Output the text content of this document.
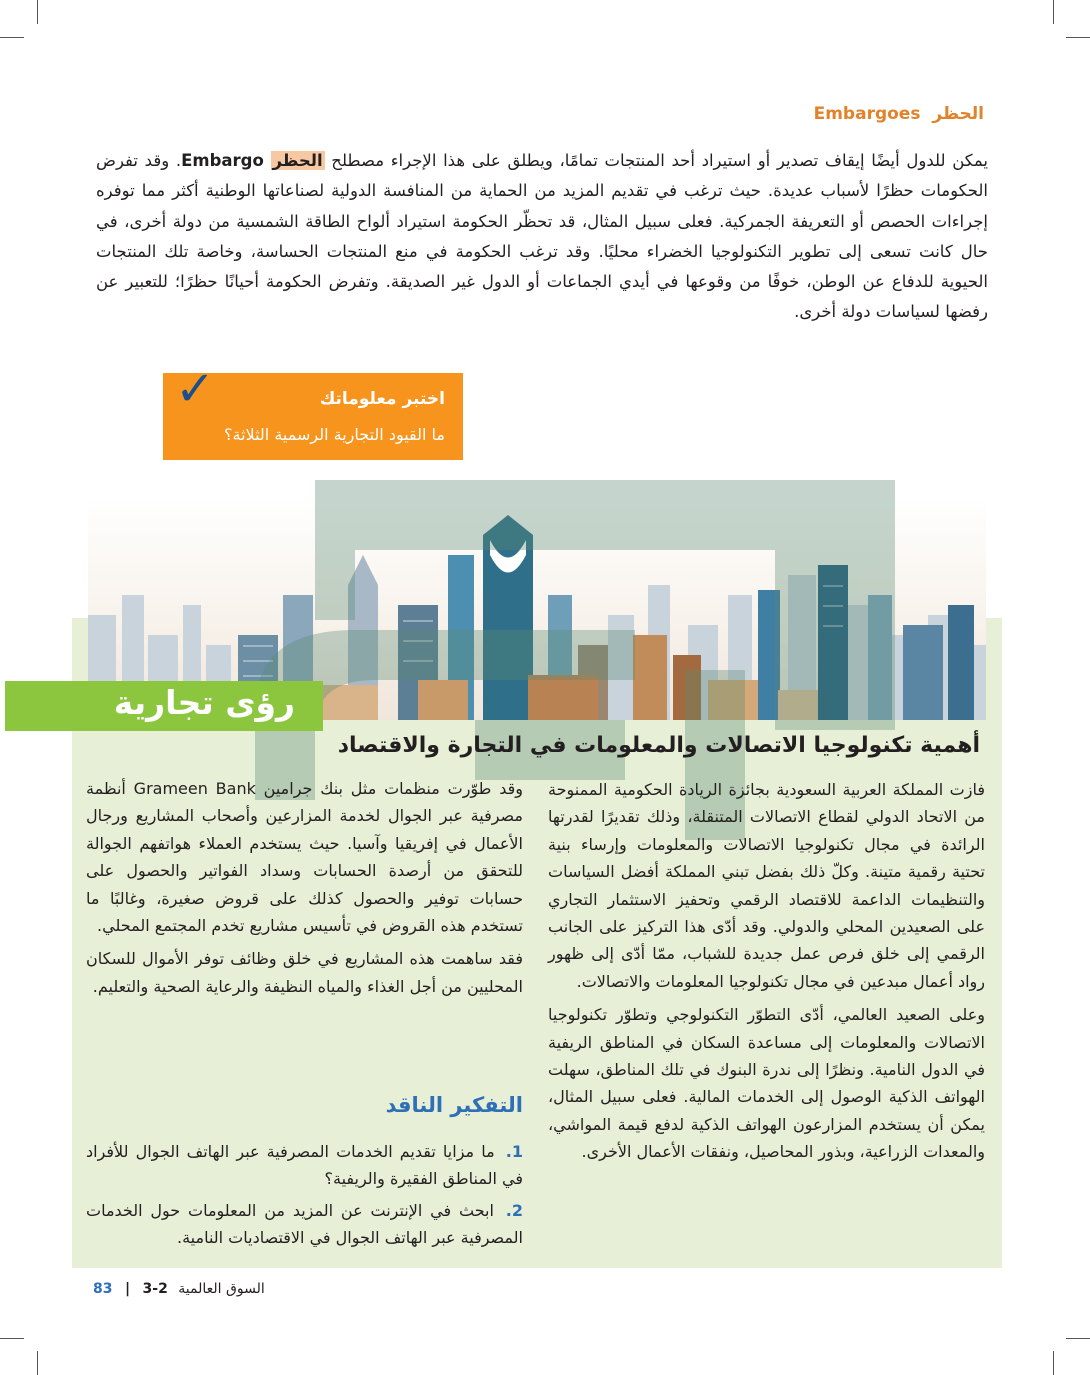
الحظر Embargoes
يمكن للدول أيضًا إيقاف تصدير أو استيراد أحد المنتجات تمامًا، ويطلق على هذا الإجراء مصطلح الحظر Embargo. وقد تفرض الحكومات حظرًا لأسباب عديدة. حيث ترغب في تقديم المزيد من الحماية من المنافسة الدولية لصناعاتها الوطنية أكثر مما توفره إجراءات الحصص أو التعريفة الجمركية. فعلى سبيل المثال، قد تحظّر الحكومة استيراد ألواح الطاقة الشمسية من دولة أخرى، في حال كانت تسعى إلى تطوير التكنولوجيا الخضراء محليًا. وقد ترغب الحكومة في منع المنتجات الحساسة، وخاصة تلك المنتجات الحيوية للدفاع عن الوطن، خوفًا من وقوعها في أيدي الجماعات أو الدول غير الصديقة. وتفرض الحكومة أحيانًا حظرًا؛ للتعبير عن رفضها لسياسات دولة أخرى.
اختبر معلوماتك
ما القيود التجارية الرسمية الثلاثة؟
✓
رؤى تجارية
أهمية تكنولوجيا الاتصالات والمعلومات في التجارة والاقتصاد

فازت المملكة العربية السعودية بجائزة الريادة الحكومية الممنوحة من الاتحاد الدولي لقطاع الاتصالات المتنقلة، وذلك تقديرًا لقدرتها الرائدة في مجال تكنولوجيا الاتصالات والمعلومات وإرساء بنية تحتية رقمية متينة. وكلّ ذلك بفضل تبني المملكة أفضل السياسات والتنظيمات الداعمة للاقتصاد الرقمي وتحفيز الاستثمار التجاري على الصعيدين المحلي والدولي. وقد أدّى هذا التركيز على الجانب الرقمي إلى خلق فرص عمل جديدة للشباب، ممّا أدّى إلى ظهور رواد أعمال مبدعين في مجال تكنولوجيا المعلومات والاتصالات.

وعلى الصعيد العالمي، أدّى التطوّر التكنولوجي وتطوّر تكنولوجيا الاتصالات والمعلومات إلى مساعدة السكان في المناطق الريفية في الدول النامية. ونظرًا إلى ندرة البنوك في تلك المناطق، سهلت الهواتف الذكية الوصول إلى الخدمات المالية. فعلى سبيل المثال، يمكن أن يستخدم المزارعون الهواتف الذكية لدفع قيمة المواشي، والمعدات الزراعية، وبذور المحاصيل، ونفقات الأعمال الأخرى.

وقد طوّرت منظمات مثل بنك جرامين Grameen Bank أنظمة مصرفية عبر الجوال لخدمة المزارعين وأصحاب المشاريع ورجال الأعمال في إفريقيا وآسيا. حيث يستخدم العملاء هواتفهم الجوالة للتحقق من أرصدة الحسابات وسداد الفواتير والحصول على حسابات توفير والحصول كذلك على قروض صغيرة، وغالبًا ما تستخدم هذه القروض في تأسيس مشاريع تخدم المجتمع المحلي.

فقد ساهمت هذه المشاريع في خلق وظائف توفر الأموال للسكان المحليين من أجل الغذاء والمياه النظيفة والرعاية الصحية والتعليم.

التفكير الناقد

1. ما مزايا تقديم الخدمات المصرفية عبر الهاتف الجوال للأفراد في المناطق الفقيرة والريفية؟

2. ابحث في الإنترنت عن المزيد من المعلومات حول الخدمات المصرفية عبر الهاتف الجوال في الاقتصاديات النامية.

83 |	السوق العالمية 2-3
